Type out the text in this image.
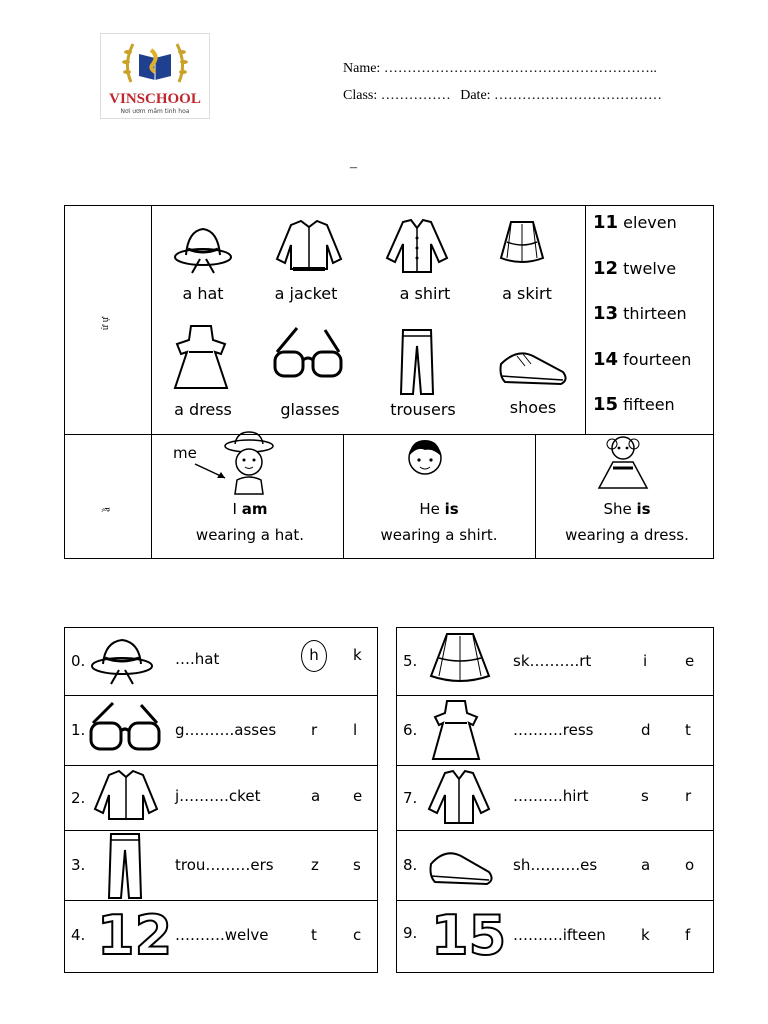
VINSCHOOL
Nơi ươm mầm tinh hoa
Name: …………………………………………………..
Class: …………… Date: ………………………………
–
ừ ự
ầ
a hat	a jacket	a shirt	a skirt
a dress	glasses	trousers	shoes
11 eleven
12 twelve
13 thirteen
14 fourteen
15 fifteen
me
I am
wearing a hat.
He is
wearing a shirt.
She is
wearing a dress.
0.	….hat	h	k
1.	g……….asses r l
2.	j……….cket	a e
3.	trou………ers z s
4. 12 ……….welve	t c
5.	sk……….rt	i	e
6.	……….ress	d t
7.	……….hirt	s r
8.	sh……….es	a o
9. 15 ……….ifteen k f
